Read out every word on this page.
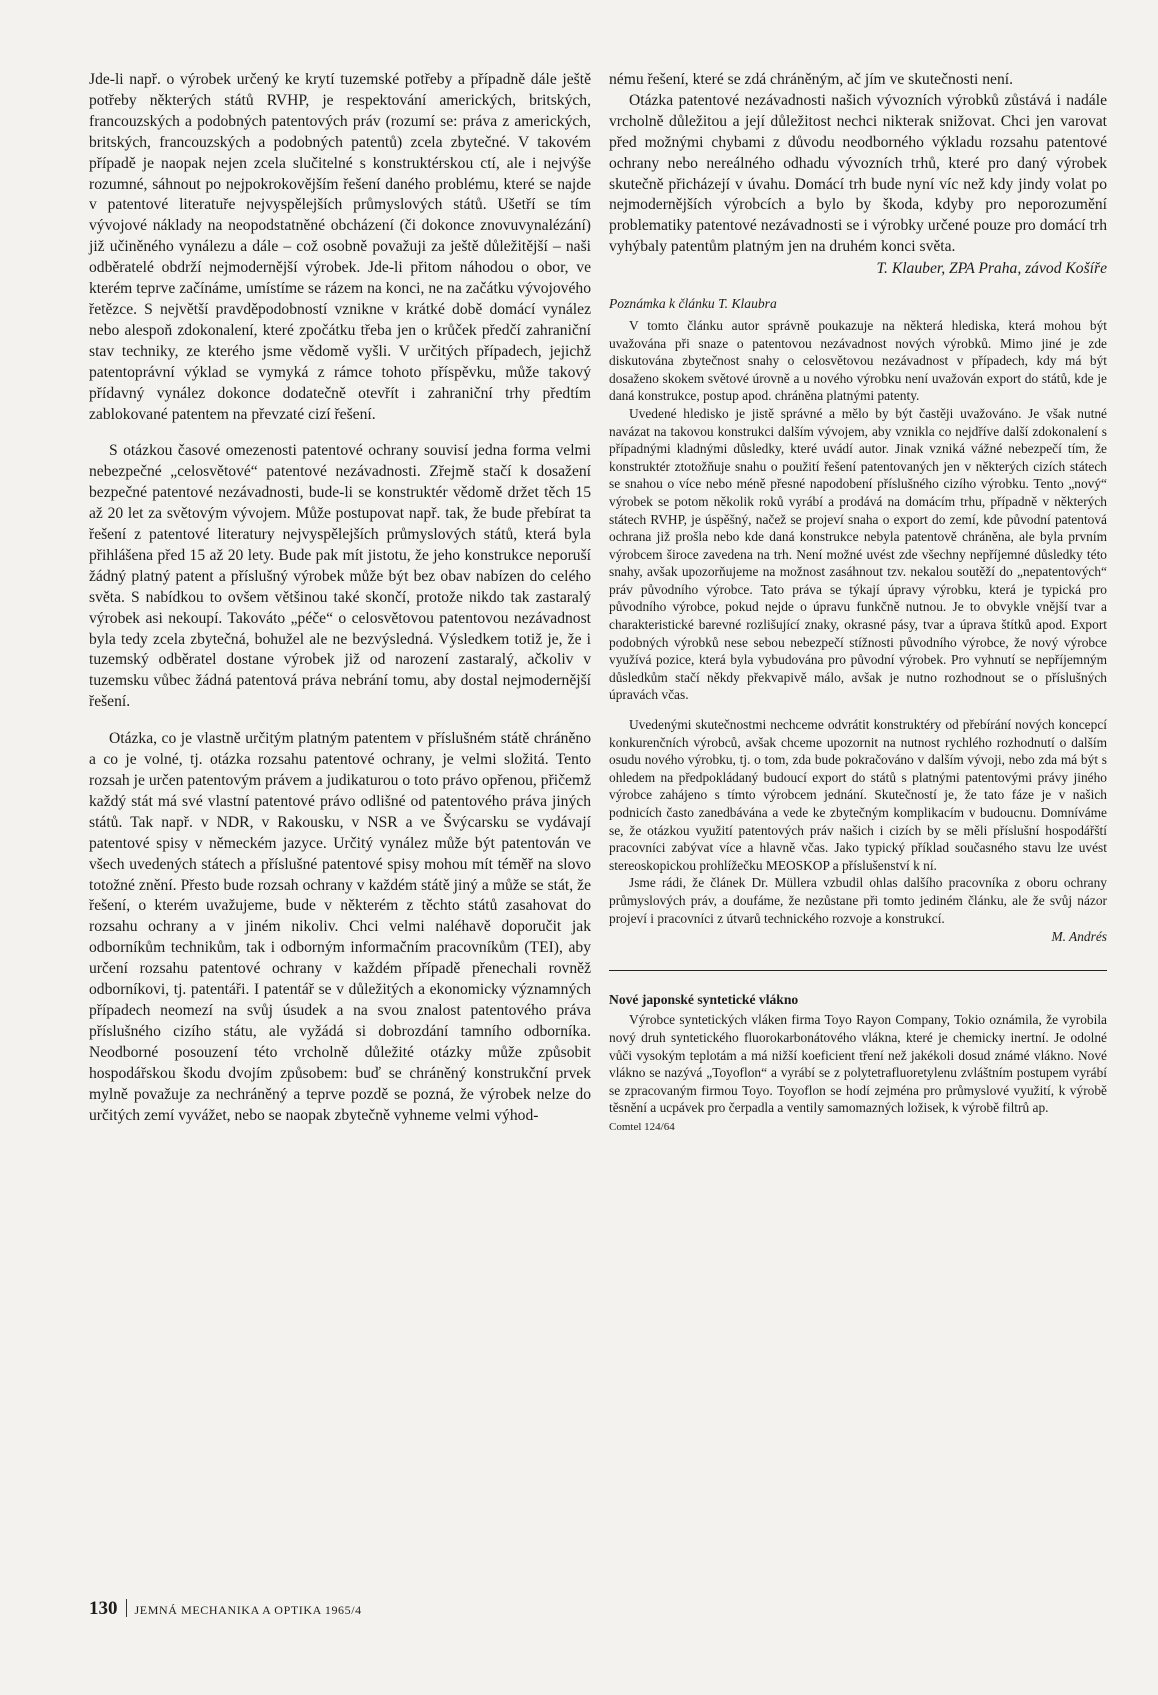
Jde-li např. o výrobek určený ke krytí tuzemské potřeby a případně dále ještě potřeby některých států RVHP, je respektování amerických, britských, francouzských a podobných patentových práv (rozumí se: práva z amerických, britských, francouzských a podobných patentů) zcela zbytečné. V takovém případě je naopak nejen zcela slučitelné s konstruktérskou ctí, ale i nejvýše rozumné, sáhnout po nejpokrokovějším řešení daného problému, které se najde v patentové literatuře nejvyspělejších průmyslových států. Ušetří se tím vývojové náklady na neopodstatněné obcházení (či dokonce znovuvynalézání) již učiněného vynálezu a dále – což osobně považuji za ještě důležitější – naši odběratelé obdrží nejmodernější výrobek. Jde-li přitom náhodou o obor, ve kterém teprve začínáme, umístíme se rázem na konci, ne na začátku vývojového řetězce. S největší pravděpodobností vznikne v krátké době domácí vynález nebo alespoň zdokonalení, které zpočátku třeba jen o krůček předčí zahraniční stav techniky, ze kterého jsme vědomě vyšli. V určitých případech, jejichž patentoprávní výklad se vymyká z rámce tohoto příspěvku, může takový přídavný vynález dokonce dodatečně otevřít i zahraniční trhy předtím zablokované patentem na převzaté cizí řešení.

S otázkou časové omezenosti patentové ochrany souvisí jedna forma velmi nebezpečné „celosvětové“ patentové nezávadnosti. Zřejmě stačí k dosažení bezpečné patentové nezávadnosti, bude-li se konstruktér vědomě držet těch 15 až 20 let za světovým vývojem. Může postupovat např. tak, že bude přebírat ta řešení z patentové literatury nejvyspělejších průmyslových států, která byla přihlášena před 15 až 20 lety. Bude pak mít jistotu, že jeho konstrukce neporuší žádný platný patent a příslušný výrobek může být bez obav nabízen do celého světa. S nabídkou to ovšem většinou také skončí, protože nikdo tak zastaralý výrobek asi nekoupí. Takováto „péče“ o celosvětovou patentovou nezávadnost byla tedy zcela zbytečná, bohužel ale ne bezvýsledná. Výsledkem totiž je, že i tuzemský odběratel dostane výrobek již od narození zastaralý, ačkoliv v tuzemsku vůbec žádná patentová práva nebrání tomu, aby dostal nejmodernější řešení.

Otázka, co je vlastně určitým platným patentem v příslušném státě chráněno a co je volné, tj. otázka rozsahu patentové ochrany, je velmi složitá. Tento rozsah je určen patentovým právem a judikaturou o toto právo opřenou, přičemž každý stát má své vlastní patentové právo odlišné od patentového práva jiných států. Tak např. v NDR, v Rakousku, v NSR a ve Švýcarsku se vydávají patentové spisy v německém jazyce. Určitý vynález může být patentován ve všech uvedených státech a příslušné patentové spisy mohou mít téměř na slovo totožné znění. Přesto bude rozsah ochrany v každém státě jiný a může se stát, že řešení, o kterém uvažujeme, bude v některém z těchto států zasahovat do rozsahu ochrany a v jiném nikoliv. Chci velmi naléhavě doporučit jak odborníkům technikům, tak i odborným informačním pracovníkům (TEI), aby určení rozsahu patentové ochrany v každém případě přenechali rovněž odborníkovi, tj. patentáři. I patentář se v důležitých a ekonomicky významných případech neomezí na svůj úsudek a na svou znalost patentového práva příslušného cizího státu, ale vyžádá si dobrozdání tamního odborníka. Neodborné posouzení této vrcholně důležité otázky může způsobit hospodářskou škodu dvojím způsobem: buď se chráněný konstrukční prvek mylně považuje za nechráněný a teprve pozdě se pozná, že výrobek nelze do určitých zemí vyvážet, nebo se naopak zbytečně vyhneme velmi výhod-

nému řešení, které se zdá chráněným, ač jím ve skutečnosti není.

Otázka patentové nezávadnosti našich vývozních výrobků zůstává i nadále vrcholně důležitou a její důležitost nechci nikterak snižovat. Chci jen varovat před možnými chybami z důvodu neodborného výkladu rozsahu patentové ochrany nebo nereálného odhadu vývozních trhů, které pro daný výrobek skutečně přicházejí v úvahu. Domácí trh bude nyní víc než kdy jindy volat po nejmodernějších výrobcích a bylo by škoda, kdyby pro neporozumění problematiky patentové nezávadnosti se i výrobky určené pouze pro domácí trh vyhýbaly patentům platným jen na druhém konci světa.

T. Klauber, ZPA Praha, závod Košíře

Poznámka k článku T. Klaubra

V tomto článku autor správně poukazuje na některá hlediska, která mohou být uvažována při snaze o patentovou nezávadnost nových výrobků. Mimo jiné je zde diskutována zbytečnost snahy o celosvětovou nezávadnost v případech, kdy má být dosaženo skokem světové úrovně a u nového výrobku není uvažován export do států, kde je daná konstrukce, postup apod. chráněna platnými patenty.

Uvedené hledisko je jistě správné a mělo by být častěji uvažováno. Je však nutné navázat na takovou konstrukci dalším vývojem, aby vznikla co nejdříve další zdokonalení s případnými kladnými důsledky, které uvádí autor. Jinak vzniká vážné nebezpečí tím, že konstruktér ztotožňuje snahu o použití řešení patentovaných jen v některých cizích státech se snahou o více nebo méně přesné napodobení příslušného cizího výrobku. Tento „nový“ výrobek se potom několik roků vyrábí a prodává na domácím trhu, případně v některých státech RVHP, je úspěšný, načež se projeví snaha o export do zemí, kde původní patentová ochrana již prošla nebo kde daná konstrukce nebyla patentově chráněna, ale byla prvním výrobcem široce zavedena na trh. Není možné uvést zde všechny nepříjemné důsledky této snahy, avšak upozorňujeme na možnost zasáhnout tzv. nekalou soutěží do „nepatentových“ práv původního výrobce. Tato práva se týkají úpravy výrobku, která je typická pro původního výrobce, pokud nejde o úpravu funkčně nutnou. Je to obvykle vnější tvar a charakteristické barevné rozlišující znaky, okrasné pásy, tvar a úprava štítků apod. Export podobných výrobků nese sebou nebezpečí stížnosti původního výrobce, že nový výrobce využívá pozice, která byla vybudována pro původní výrobek. Pro vyhnutí se nepříjemným důsledkům stačí někdy překvapivě málo, avšak je nutno rozhodnout se o příslušných úpravách včas.

Uvedenými skutečnostmi nechceme odvrátit konstruktéry od přebírání nových koncepcí konkurenčních výrobců, avšak chceme upozornit na nutnost rychlého rozhodnutí o dalším osudu nového výrobku, tj. o tom, zda bude pokračováno v dalším vývoji, nebo zda má být s ohledem na předpokládaný budoucí export do států s platnými patentovými právy jiného výrobce zahájeno s tímto výrobcem jednání. Skutečností je, že tato fáze je v našich podnicích často zanedbávána a vede ke zbytečným komplikacím v budoucnu. Domníváme se, že otázkou využití patentových práv našich i cizích by se měli příslušní hospodářští pracovníci zabývat více a hlavně včas. Jako typický příklad současného stavu lze uvést stereoskopickou prohlížečku MEOSKOP a příslušenství k ní.

Jsme rádi, že článek Dr. Müllera vzbudil ohlas dalšího pracovníka z oboru ochrany průmyslových práv, a doufáme, že nezůstane při tomto jediném článku, ale že svůj názor projeví i pracovníci z útvarů technického rozvoje a konstrukcí.

M. Andrés

Nové japonské syntetické vlákno

Výrobce syntetických vláken firma Toyo Rayon Company, Tokio oznámila, že vyrobila nový druh syntetického fluorokarbonátového vlákna, které je chemicky inertní. Je odolné vůči vysokým teplotám a má nižší koeficient tření než jakékoli dosud známé vlákno. Nové vlákno se nazývá „Toyoflon“ a vyrábí se z polytetrafluoretylenu zvláštním postupem vyrábí se zpracovaným firmou Toyo. Toyoflon se hodí zejména pro průmyslové využití, k výrobě těsnění a ucpávek pro čerpadla a ventily samomazných ložisek, k výrobě filtrů ap.

Comtel 124/64

130 JEMNÁ MECHANIKA A OPTIKA 1965/4
